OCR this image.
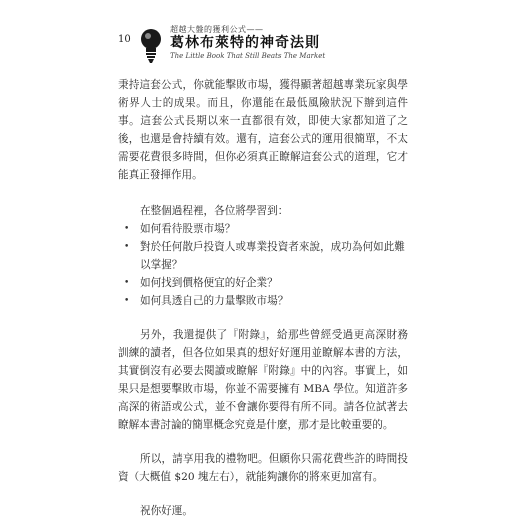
10
超越大盤的獲利公式——
葛林布萊特的神奇法則
The Little Book That Still Beats The Market

秉持這套公式，你就能擊敗市場，獲得顯著超越專業玩家與學術界人士的成果。而且，你還能在最低風險狀況下辦到這件事。這套公式長期以來一直都很有效，即使大家都知道了之後，也還是會持續有效。還有，這套公式的運用很簡單，不太需要花費很多時間，但你必須真正瞭解這套公式的道理，它才能真正發揮作用。

在整個過程裡，各位將學習到：

• 如何看待股票市場？
• 對於任何散戶投資人或專業投資者來說，成功為何如此難以掌握？
• 如何找到價格便宜的好企業？
• 如何具透自己的力量擊敗市場？

另外，我還提供了『附錄』，給那些曾經受過更高深財務訓練的讀者，但各位如果真的想好好運用並瞭解本書的方法，其實倒沒有必要去閱讀或瞭解『附錄』中的內容。事實上，如果只是想要擊敗市場，你並不需要擁有 MBA 學位。知道許多高深的術語或公式，並不會讓你要得有所不同。請各位試著去瞭解本書討論的簡單概念究竟是什麼，那才是比較重要的。

所以，請享用我的禮物吧。但願你只需花費些許的時間投資（大概值 $20 塊左右），就能夠讓你的將來更加富有。

祝你好運。
